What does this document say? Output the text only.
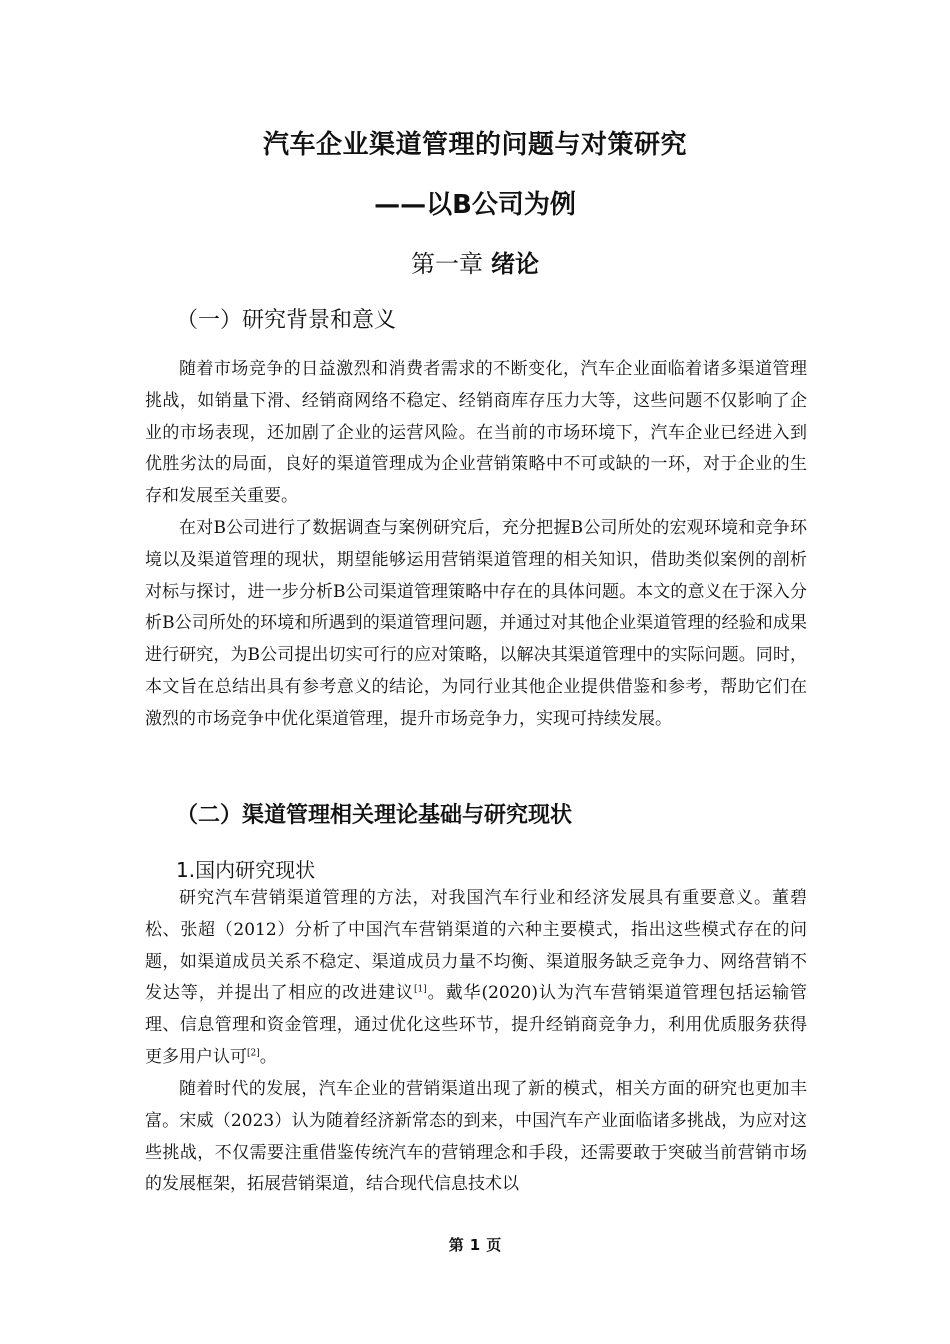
汽车企业渠道管理的问题与对策研究
——以B公司为例
第一章 绪论
（一）研究背景和意义

随着市场竞争的日益激烈和消费者需求的不断变化，汽车企业面临着诸多渠道管理挑战，如销量下滑、经销商网络不稳定、经销商库存压力大等，这些问题不仅影响了企业的市场表现，还加剧了企业的运营风险。在当前的市场环境下，汽车企业已经进入到优胜劣汰的局面，良好的渠道管理成为企业营销策略中不可或缺的一环，对于企业的生存和发展至关重要。

在对B公司进行了数据调查与案例研究后，充分把握B公司所处的宏观环境和竞争环境以及渠道管理的现状，期望能够运用营销渠道管理的相关知识，借助类似案例的剖析对标与探讨，进一步分析B公司渠道管理策略中存在的具体问题。本文的意义在于深入分析B公司所处的环境和所遇到的渠道管理问题，并通过对其他企业渠道管理的经验和成果进行研究，为B公司提出切实可行的应对策略，以解决其渠道管理中的实际问题。同时，本文旨在总结出具有参考意义的结论，为同行业其他企业提供借鉴和参考，帮助它们在激烈的市场竞争中优化渠道管理，提升市场竞争力，实现可持续发展。

（二）渠道管理相关理论基础与研究现状
1.国内研究现状

研究汽车营销渠道管理的方法，对我国汽车行业和经济发展具有重要意义。董碧松、张超（2012）分析了中国汽车营销渠道的六种主要模式，指出这些模式存在的问题，如渠道成员关系不稳定、渠道成员力量不均衡、渠道服务缺乏竞争力、网络营销不发达等，并提出了相应的改进建议[1]。戴华(2020)认为汽车营销渠道管理包括运输管理、信息管理和资金管理，通过优化这些环节，提升经销商竞争力，利用优质服务获得更多用户认可[2]。

随着时代的发展，汽车企业的营销渠道出现了新的模式，相关方面的研究也更加丰富。宋威（2023）认为随着经济新常态的到来，中国汽车产业面临诸多挑战，为应对这些挑战，不仅需要注重借鉴传统汽车的营销理念和手段，还需要敢于突破当前营销市场的发展框架，拓展营销渠道，结合现代信息技术以

第 1 页
